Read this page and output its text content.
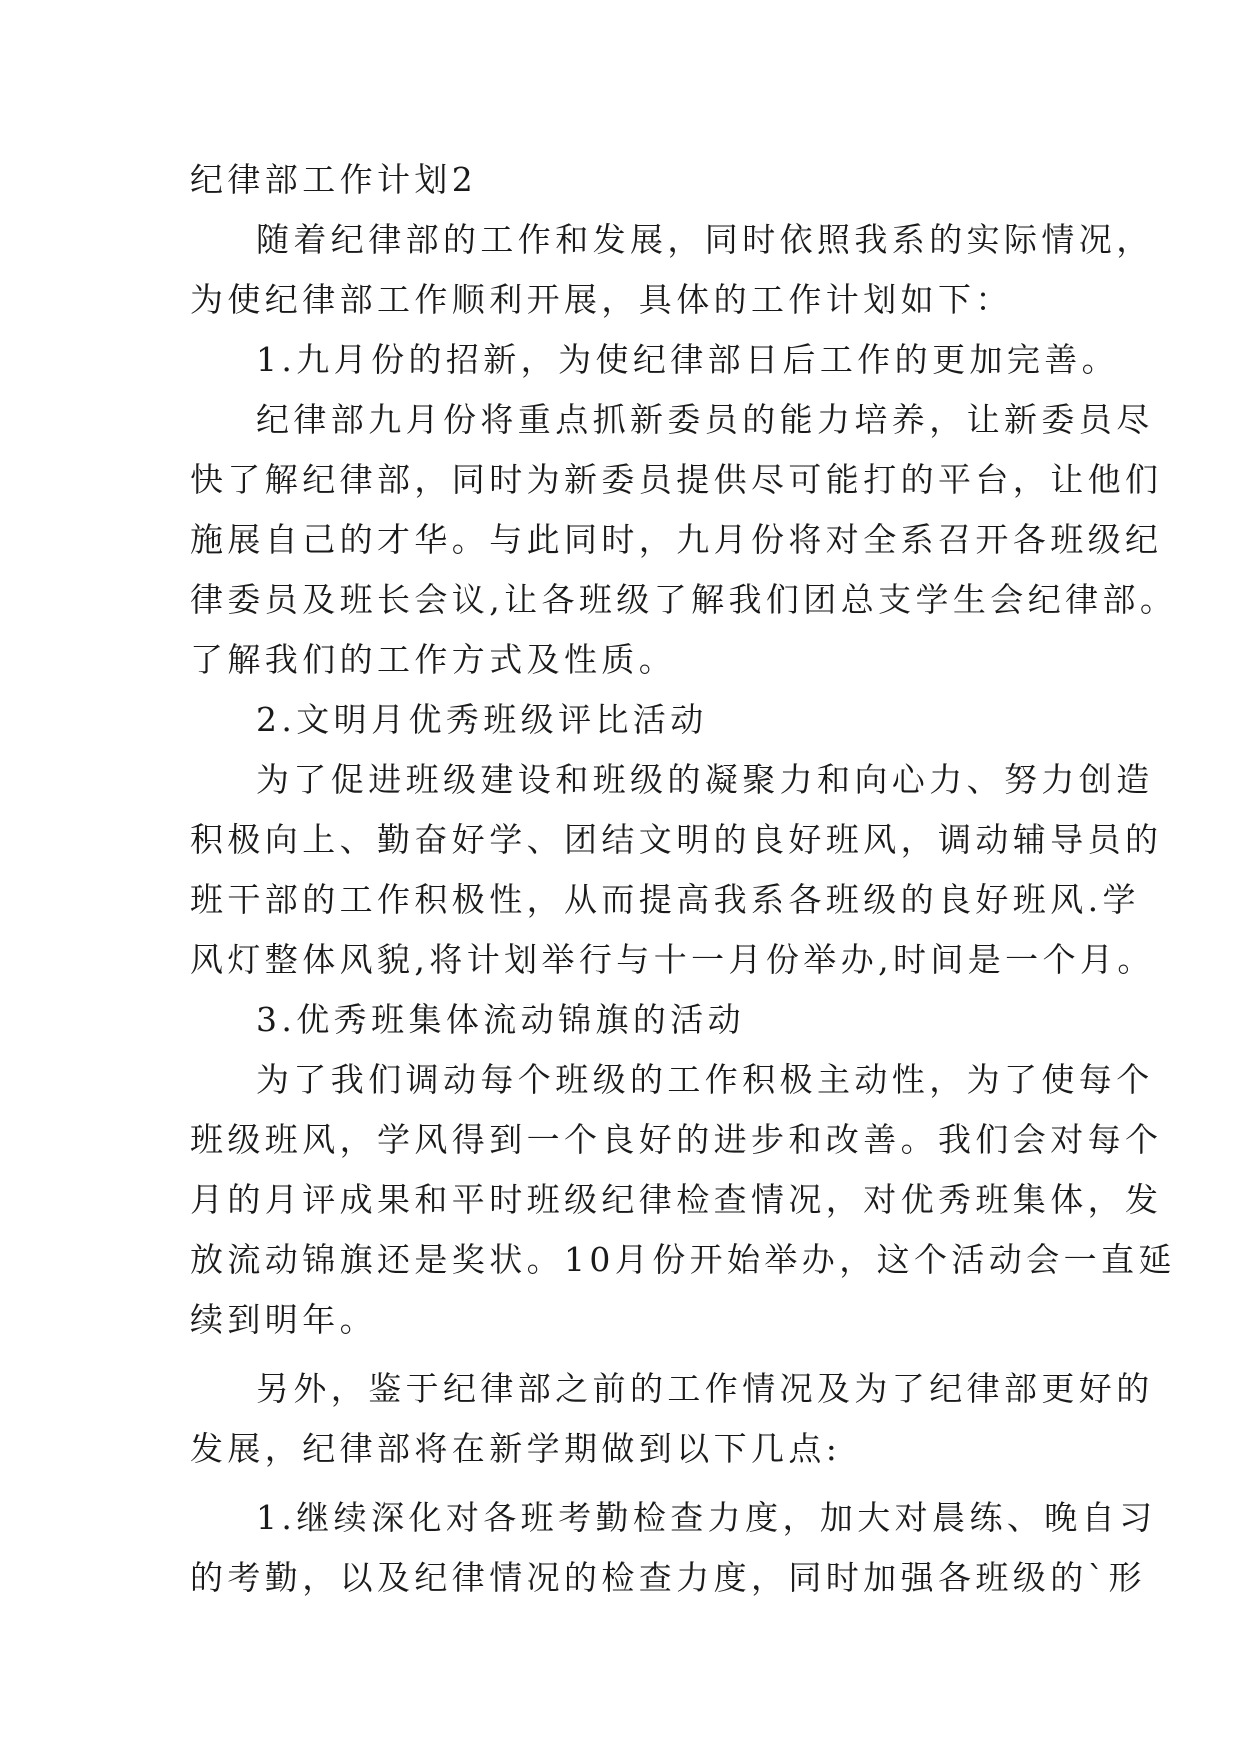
纪律部工作计划2
随着纪律部的工作和发展，同时依照我系的实际情况，
为使纪律部工作顺利开展，具体的工作计划如下：
1.九月份的招新，为使纪律部日后工作的更加完善。
纪律部九月份将重点抓新委员的能力培养，让新委员尽
快了解纪律部，同时为新委员提供尽可能打的平台，让他们
施展自己的才华。与此同时，九月份将对全系召开各班级纪
律委员及班长会议,让各班级了解我们团总支学生会纪律部。
了解我们的工作方式及性质。
2.文明月优秀班级评比活动
为了促进班级建设和班级的凝聚力和向心力、努力创造
积极向上、勤奋好学、团结文明的良好班风，调动辅导员的
班干部的工作积极性，从而提高我系各班级的良好班风.学
风灯整体风貌,将计划举行与十一月份举办,时间是一个月。
3.优秀班集体流动锦旗的活动
为了我们调动每个班级的工作积极主动性，为了使每个
班级班风，学风得到一个良好的进步和改善。我们会对每个
月的月评成果和平时班级纪律检查情况，对优秀班集体，发
放流动锦旗还是奖状。10月份开始举办，这个活动会一直延
续到明年。
另外，鉴于纪律部之前的工作情况及为了纪律部更好的
发展，纪律部将在新学期做到以下几点:
1.继续深化对各班考勤检查力度，加大对晨练、晚自习
的考勤，以及纪律情况的检查力度，同时加强各班级的`形
